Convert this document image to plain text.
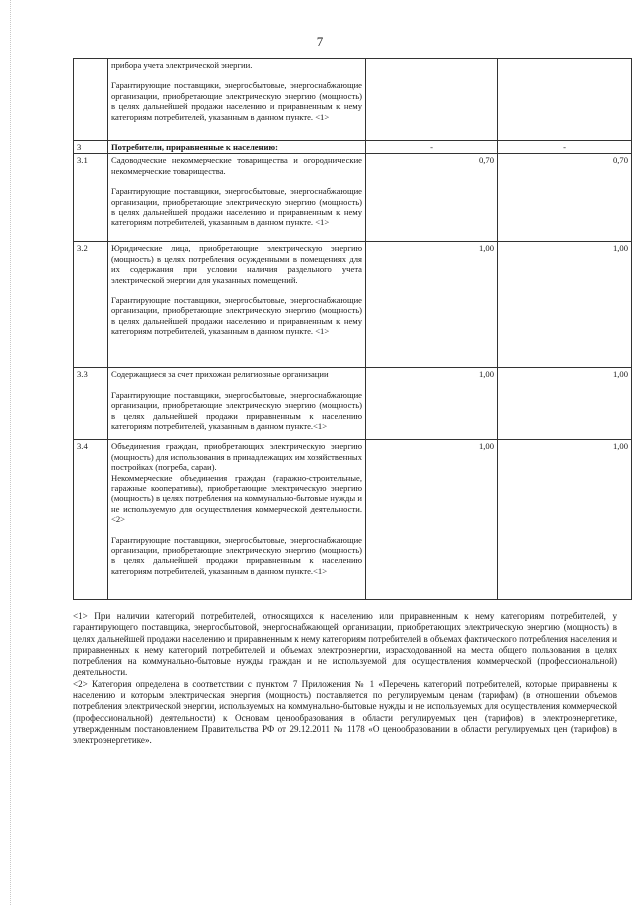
7

	прибора учета электрической энергии.
Гарантирующие поставщики, энергосбытовые, энергоснабжающие организации, приобретающие электрическую энергию (мощность) в целях дальнейшей продажи населению и приравненным к нему категориям потребителей, указанным в данном пункте. <1>		

3	Потребители, приравненные к населению:	-	-
3.1	Садоводческие некоммерческие товарищества и огороднические некоммерческие товарищества.
Гарантирующие поставщики, энергосбытовые, энергоснабжающие организации, приобретающие электрическую энергию (мощность) в целях дальнейшей продажи населению и приравненным к нему категориям потребителей, указанным в данном пункте. <1>	0,70	0,70
3.2	Юридические лица, приобретающие электрическую энергию (мощность) в целях потребления осужденными в помещениях для их содержания при условии наличия раздельного учета электрической энергии для указанных помещений.
Гарантирующие поставщики, энергосбытовые, энергоснабжающие организации, приобретающие электрическую энергию (мощность) в целях дальнейшей продажи населению и приравненным к нему категориям потребителей, указанным в данном пункте. <1>	1,00	1,00
3.3	Содержащиеся за счет прихожан религиозные организации
Гарантирующие поставщики, энергосбытовые, энергоснабжающие организации, приобретающие электрическую энергию (мощность) в целях дальнейшей продажи приравненным к населению категориям потребителей, указанным в данном пункте.<1>	1,00	1,00
3.4	Объединения граждан, приобретающих электрическую энергию (мощность) для использования в принадлежащих им хозяйственных постройках (погреба, сараи).
Некоммерческие объединения граждан (гаражно-строительные, гаражные кооперативы), приобретающие электрическую энергию (мощность) в целях потребления на коммунально-бытовые нужды и не используемую для осуществления коммерческой деятельности. <2>
Гарантирующие поставщики, энергосбытовые, энергоснабжающие организации, приобретающие электрическую энергию (мощность) в целях дальнейшей продажи приравненным к населению категориям потребителей, указанным в данном пункте.<1>	1,00	1,00

<1> При наличии категорий потребителей, относящихся к населению или приравненным к нему категориям потребителей, у гарантирующего поставщика, энергосбытовой, энергоснабжающей организации, приобретающих электрическую энергию (мощность) в целях дальнейшей продажи населению и приравненным к нему категориям потребителей в объемах фактического потребления населения и приравненных к нему категорий потребителей и объемах электроэнергии, израсходованной на места общего пользования в целях потребления на коммунально-бытовые нужды граждан и не используемой для осуществления коммерческой (профессиональной) деятельности.

<2> Категория определена в соответствии с пунктом 7 Приложения № 1 «Перечень категорий потребителей, которые приравнены к населению и которым электрическая энергия (мощность) поставляется по регулируемым ценам (тарифам) (в отношении объемов потребления электрической энергии, используемых на коммунально-бытовые нужды и не используемых для осуществления коммерческой (профессиональной) деятельности) к Основам ценообразования в области регулируемых цен (тарифов) в электроэнергетике, утвержденным постановлением Правительства РФ от 29.12.2011 № 1178 «О ценообразовании в области регулируемых цен (тарифов) в электроэнергетике».
